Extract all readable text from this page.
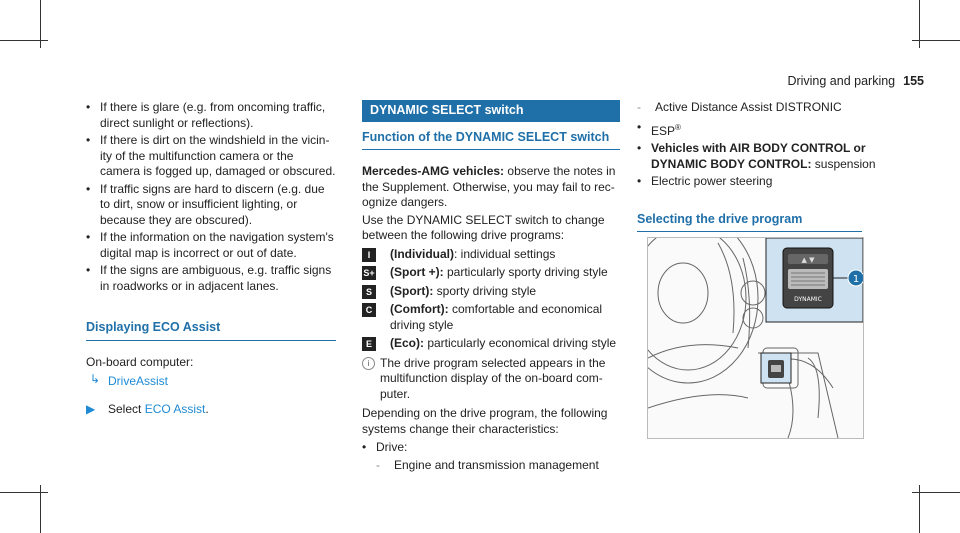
Driving and parking 155
• If there is glare (e.g. from oncoming traffic, direct sunlight or reflections).
• If there is dirt on the windshield in the vicin- ity of the multifunction camera or the camera is fogged up, damaged or obscured.
• If traffic signs are hard to discern (e.g. due to dirt, snow or insufficient lighting, or because they are obscured).
• If the information on the navigation system's digital map is incorrect or out of date.
• If the signs are ambiguous, e.g. traffic signs in roadworks or in adjacent lanes.
Displaying ECO Assist
On-board computer:
↳ DriveAssist
▶ Select ECO Assist.
DYNAMIC SELECT switch
Function of the DYNAMIC SELECT switch
Mercedes-AMG vehicles: observe the notes in the Supplement. Otherwise, you may fail to rec- ognize dangers.
Use the DYNAMIC SELECT switch to change between the following drive programs:
I	(Individual): individual settings
S+ (Sport +): particularly sporty driving style
S	(Sport): sporty driving style
C	(Comfort): comfortable and economical driving style
E	(Eco): particularly economical driving style
i The drive program selected appears in the multifunction display of the on-board com- puter.
Depending on the drive program, the following systems change their characteristics:
• Drive:
- Engine and transmission management
- Active Distance Assist DISTRONIC
• ESP®
• Vehicles with AIR BODY CONTROL or DYNAMIC BODY CONTROL: suspension
• Electric power steering
Selecting the drive program
▲ ▼
DYNAMIC
1
